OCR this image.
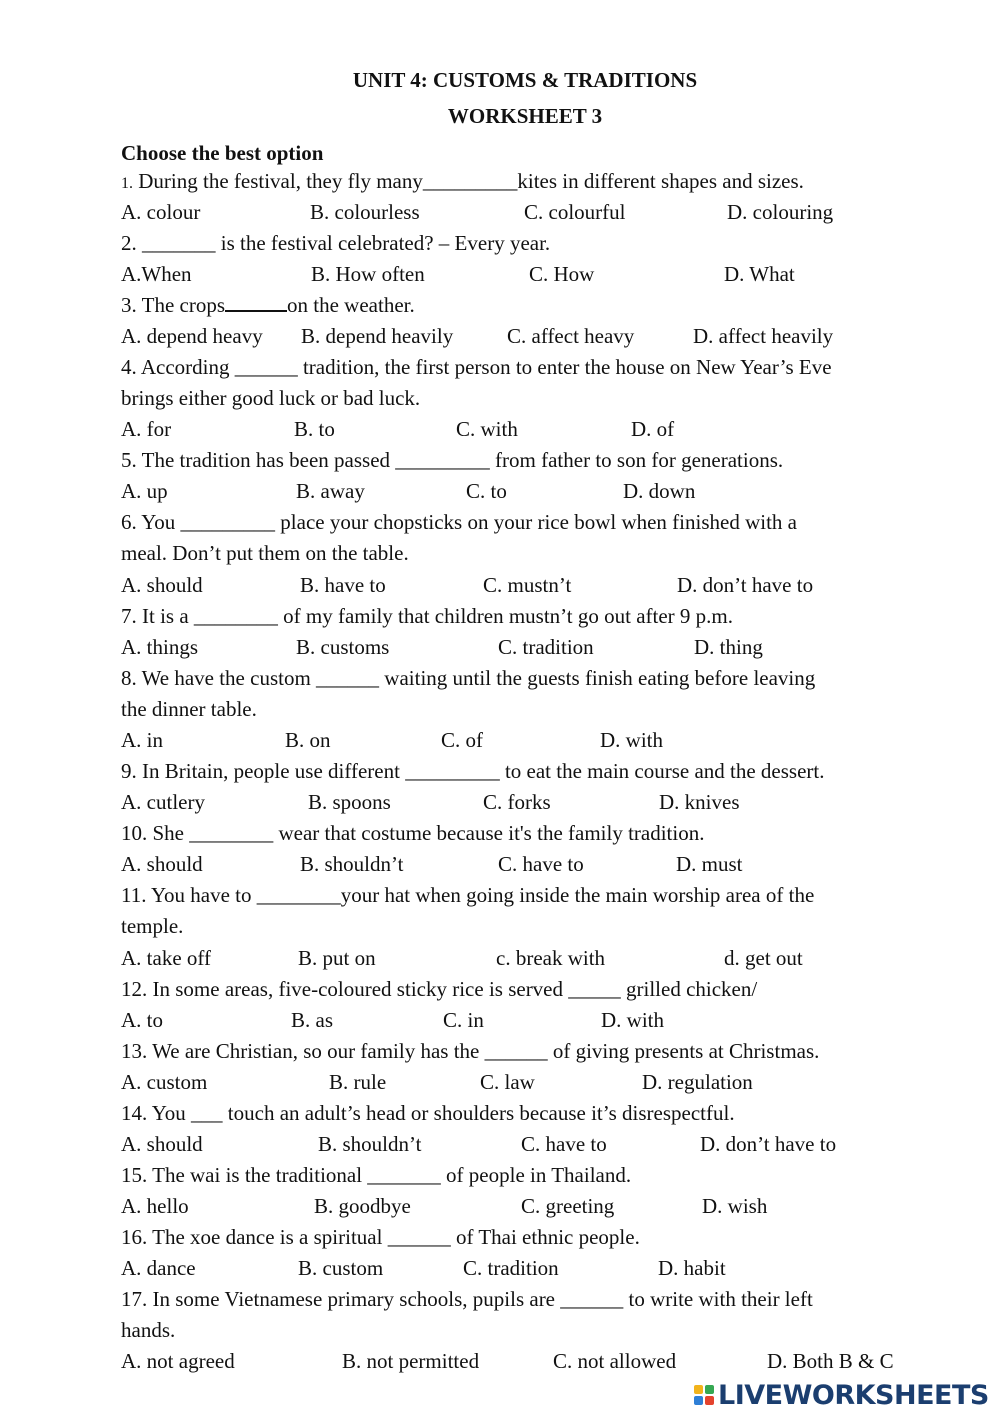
UNIT 4: CUSTOMS & TRADITIONS
WORKSHEET 3
Choose the best option
1. During the festival, they fly many_________kites in different shapes and sizes.
A. colour	B. colourless	C. colourful	D. colouring
2. _______ is the festival celebrated? – Every year.
A.When	B. How often	C. How	D. What
3. The crops	on the weather.
A. depend heavy B. depend heavily	C. affect heavy	D. affect heavily
4. According ______ tradition, the first person to enter the house on New Year’s Eve
brings either good luck or bad luck.
A. for	B. to	C. with	D. of
5. The tradition has been passed _________ from father to son for generations.
A. up	B. away	C. to	D. down
6. You _________ place your chopsticks on your rice bowl when finished with a
meal. Don’t put them on the table.
A. should	B. have to	C. mustn’t	D. don’t have to
7. It is a ________ of my family that children mustn’t go out after 9 p.m.
A. things	B. customs	C. tradition	D. thing
8. We have the custom ______ waiting until the guests finish eating before leaving
the dinner table.
A. in	B. on	C. of	D. with
9. In Britain, people use different _________ to eat the main course and the dessert.
A. cutlery	B. spoons	C. forks	D. knives
10. She ________ wear that costume because it's the family tradition.
A. should	B. shouldn’t	C. have to	D. must
11. You have to ________your hat when going inside the main worship area of the
temple.
A. take off	B. put on	c. break with	d. get out
12. In some areas, five-coloured sticky rice is served _____ grilled chicken/
A. to	B. as	C. in	D. with
13. We are Christian, so our family has the ______ of giving presents at Christmas.
A. custom	B. rule	C. law	D. regulation
14. You ___ touch an adult’s head or shoulders because it’s disrespectful.
A. should	B. shouldn’t	C. have to	D. don’t have to
15. The wai is the traditional _______ of people in Thailand.
A. hello	B. goodbye	C. greeting	D. wish
16. The xoe dance is a spiritual ______ of Thai ethnic people.
A. dance	B. custom	C. tradition	D. habit
17. In some Vietnamese primary schools, pupils are ______ to write with their left
hands.
A. not agreed	B. not permitted	C. not allowed	D. Both B & C
LIVEWORKSHEETS
